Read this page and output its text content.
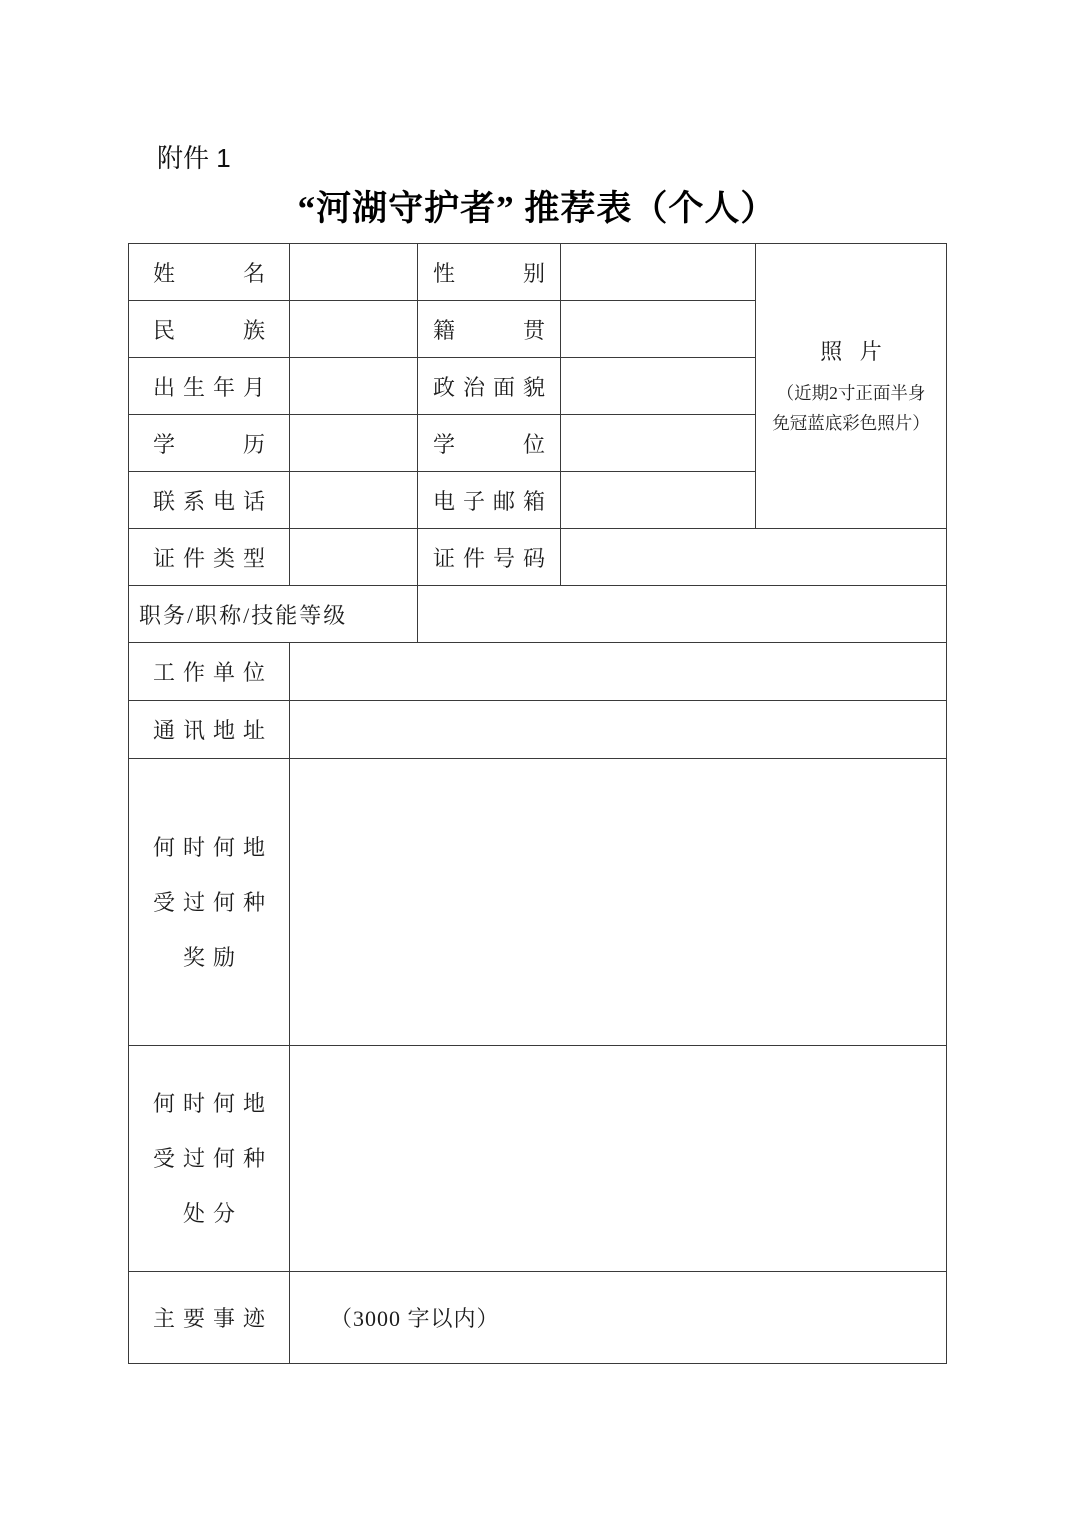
附件 1
“河湖守护者” 推荐表（个人）
姓名		性别		照 片
（近期2寸正面半身
免冠蓝底彩色照片）

民族		籍贯		
出生年月		政治面貌		
学历		学位		
联系电话		电子邮箱		
证件类型		证件号码		
职务/职称/技能等级				
工作单位				
通讯地址				

何时何地
受过何种
奖励				

何时何地
受过何种
处分				

主要事迹	（3000 字以内）			
